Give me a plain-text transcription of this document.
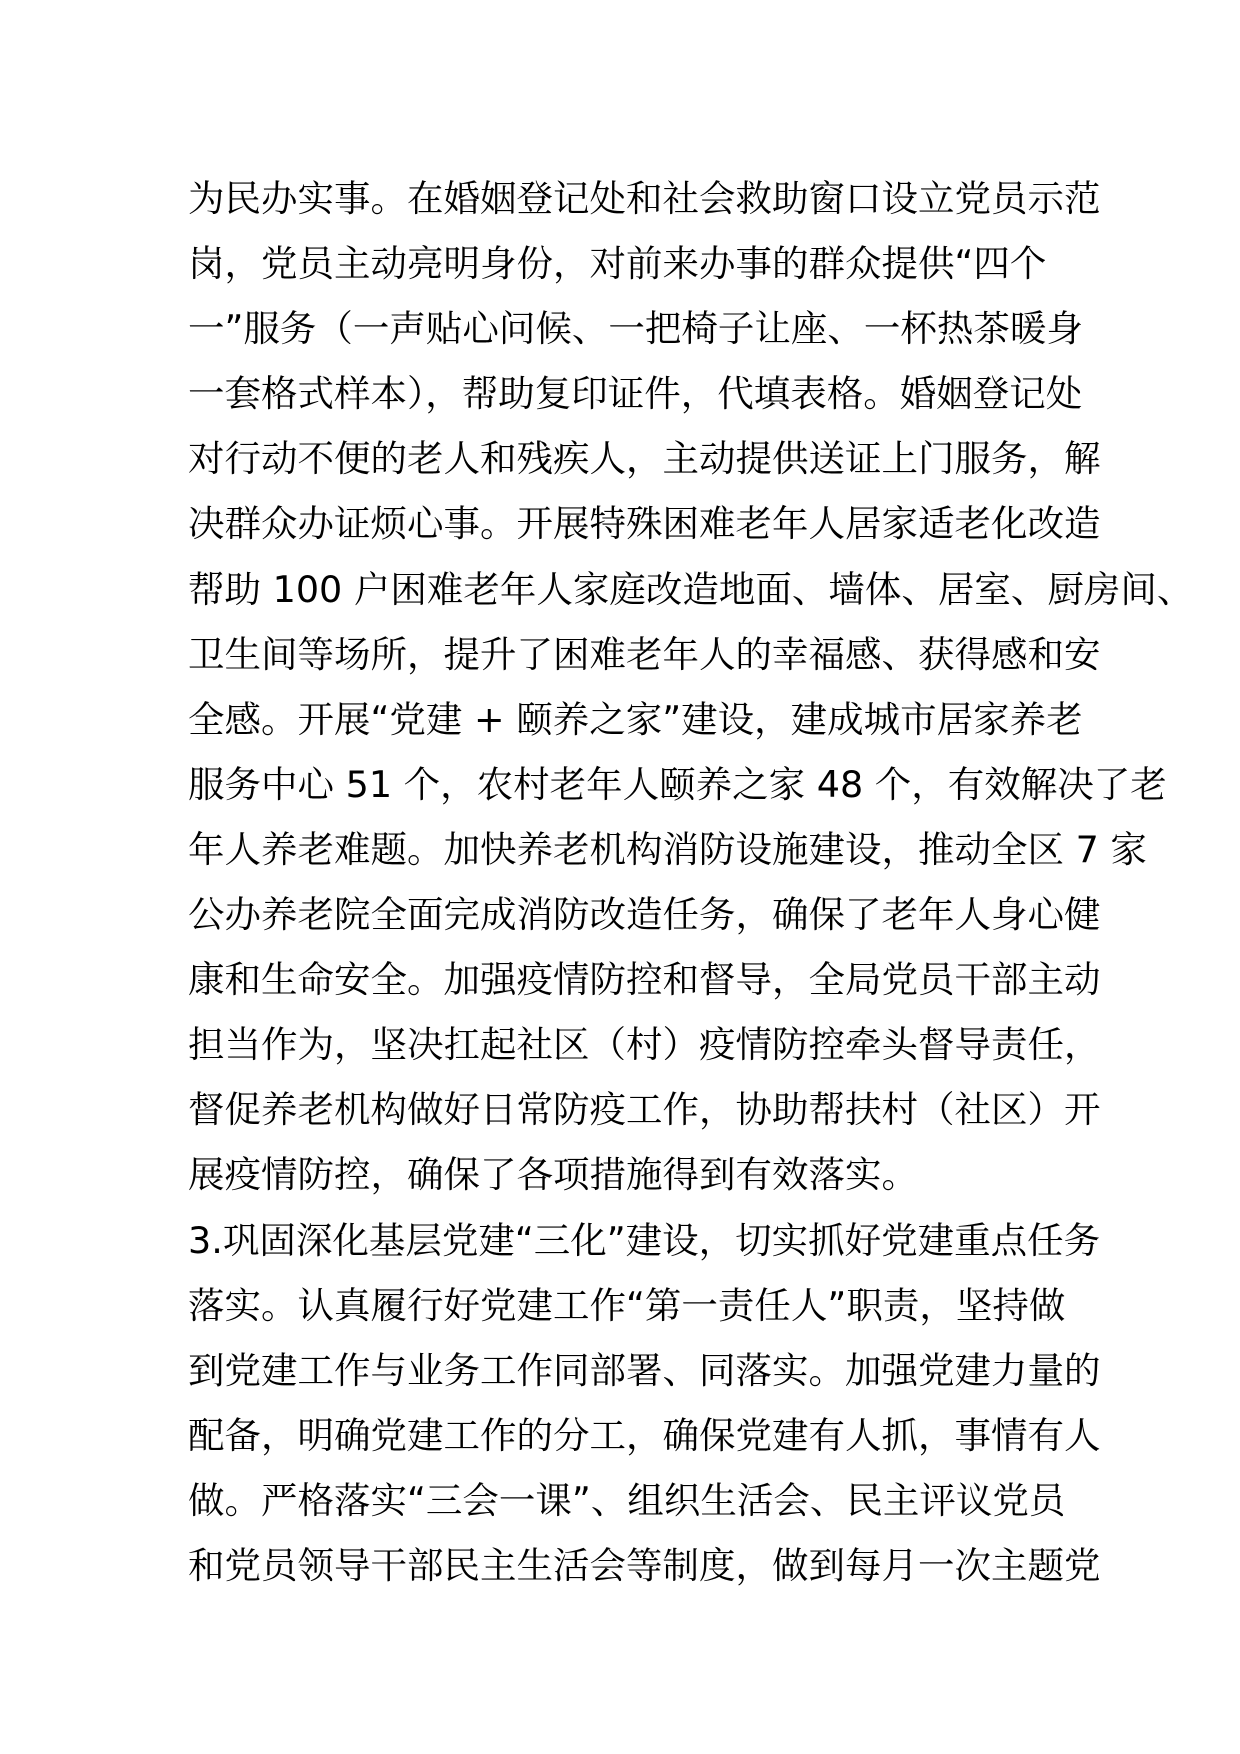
为民办实事。在婚姻登记处和社会救助窗口设立党员示范
岗，党员主动亮明身份，对前来办事的群众提供“四个
一”服务（一声贴心问候、一把椅子让座、一杯热茶暖身
一套格式样本），帮助复印证件，代填表格。婚姻登记处
对行动不便的老人和残疾人，主动提供送证上门服务，解
决群众办证烦心事。开展特殊困难老年人居家适老化改造
帮助 100 户困难老年人家庭改造地面、墙体、居室、厨房间、
卫生间等场所，提升了困难老年人的幸福感、获得感和安
全感。开展“党建 + 颐养之家”建设，建成城市居家养老
服务中心 51 个，农村老年人颐养之家 48 个，有效解决了老
年人养老难题。加快养老机构消防设施建设，推动全区 7 家
公办养老院全面完成消防改造任务，确保了老年人身心健
康和生命安全。加强疫情防控和督导，全局党员干部主动
担当作为，坚决扛起社区（村）疫情防控牵头督导责任，
督促养老机构做好日常防疫工作，协助帮扶村（社区）开
展疫情防控，确保了各项措施得到有效落实。
3.巩固深化基层党建“三化”建设，切实抓好党建重点任务
落实。认真履行好党建工作“第一责任人”职责，坚持做
到党建工作与业务工作同部署、同落实。加强党建力量的
配备，明确党建工作的分工，确保党建有人抓，事情有人
做。严格落实“三会一课”、组织生活会、民主评议党员
和党员领导干部民主生活会等制度，做到每月一次主题党
